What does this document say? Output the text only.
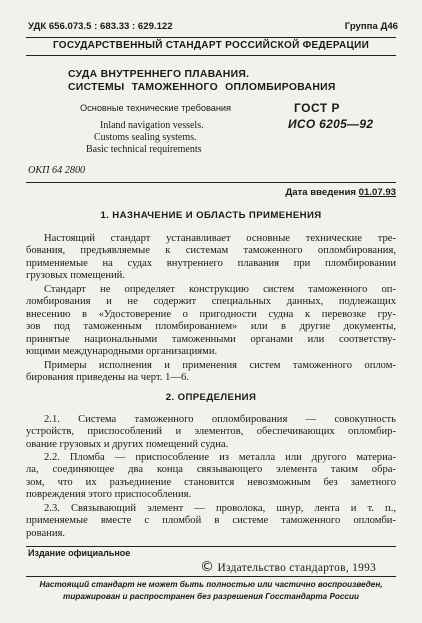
УДК 656.073.5 : 683.33 : 629.122	Группа Д46
ГОСУДАРСТВЕННЫЙ СТАНДАРТ РОССИЙСКОЙ ФЕДЕРАЦИИ
СУДА ВНУТРЕННЕГО ПЛАВАНИЯ.
СИСТЕМЫ ТАМОЖЕННОГО ОПЛОМБИРОВАНИЯ
Основные технические требования	ГОСТ Р
ИСО 6205—92
Inland navigation vessels.
Customs sealing systems.
Basic technical requirements
ОКП 64 2800
Дата введения 01.07.93
1. НАЗНАЧЕНИЕ И ОБЛАСТЬ ПРИМЕНЕНИЯ
Настоящий стандарт устанавливает основные технические тре-
бования, предъявляемые к системам таможенного опломбирования,
применяемые на судах внутреннего плавания при пломбировании
грузовых помещений.
Стандарт не определяет конструкцию систем таможенного оп-
ломбирования и не содержит специальных данных, подлежащих
внесению в «Удостоверение о пригодности судна к перевозке гру-
зов под таможенным пломбированием» или в другие документы,
принятые национальными таможенными органами или соответству-
ющими международными организациями.
Примеры исполнения и применения систем таможенного оплом-
бирования приведены на черт. 1—6.
2. ОПРЕДЕЛЕНИЯ
2.1. Система таможенного опломбирования — совокупность
устройств, приспособлений и элементов, обеспечивающих опломбир-
ование грузовых и других помещений судна.
2.2. Пломба — приспособление из металла или другого материа-
ла, соединяющее два конца связывающего элемента таким обра-
зом, что их разъединение становится невозможным без заметного
повреждения этого приспособления.
2.3. Связывающий элемент — проволока, шнур, лента и т. п.,
применяемые вместе с пломбой в системе таможенного опломби-
рования.
Издание официальное
© Издательство стандартов, 1993
Настоящий стандарт не может быть полностью или частично воспроизведен,
тиражирован и распространен без разрешения Госстандарта России
